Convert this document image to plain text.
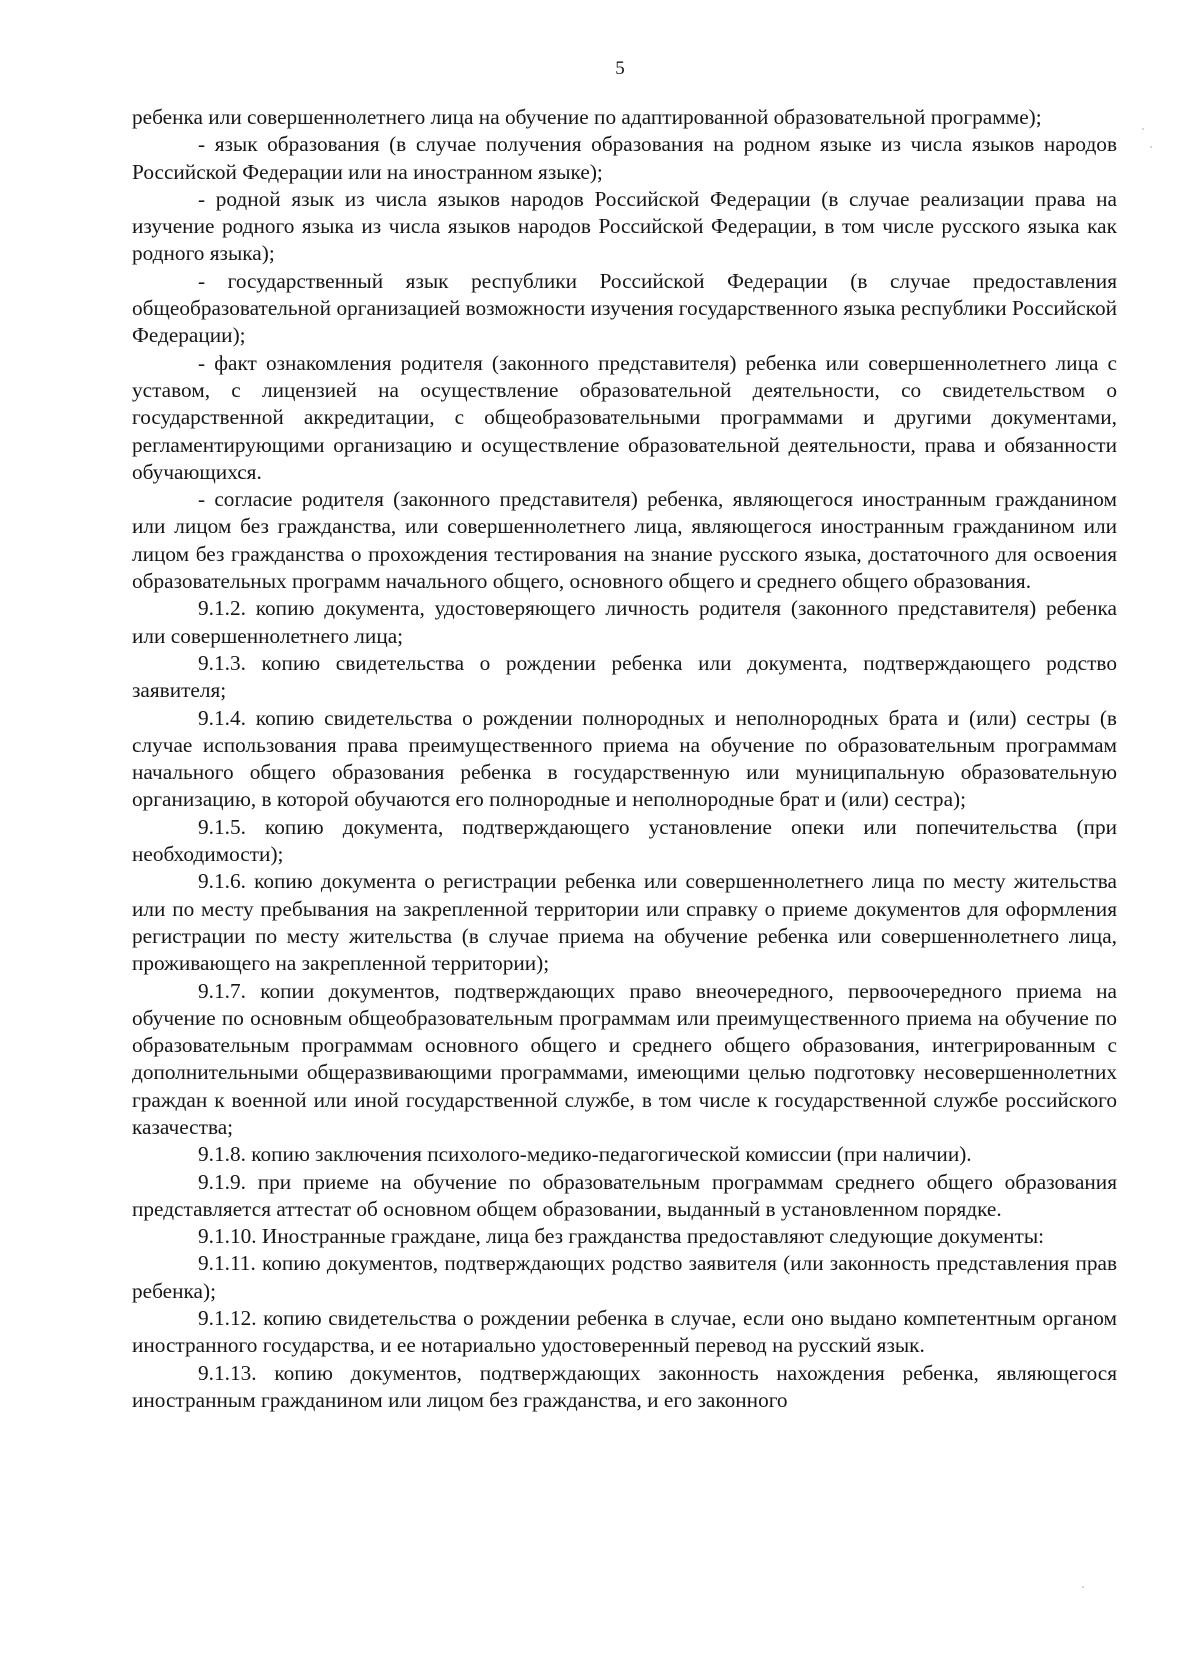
5

ребенка или совершеннолетнего лица на обучение по адаптированной образовательной программе);

- язык образования (в случае получения образования на родном языке из числа языков народов Российской Федерации или на иностранном языке);

- родной язык из числа языков народов Российской Федерации (в случае реализации права на изучение родного языка из числа языков народов Российской Федерации, в том числе русского языка как родного языка);

- государственный язык республики Российской Федерации (в случае предоставления общеобразовательной организацией возможности изучения государственного языка республики Российской Федерации);

- факт ознакомления родителя (законного представителя) ребенка или совершеннолетнего лица с уставом, с лицензией на осуществление образовательной деятельности, со свидетельством о государственной аккредитации, с общеобразовательными программами и другими документами, регламентирующими организацию и осуществление образовательной деятельности, права и обязанности обучающихся.

- согласие родителя (законного представителя) ребенка, являющегося иностранным гражданином или лицом без гражданства, или совершеннолетнего лица, являющегося иностранным гражданином или лицом без гражданства о прохождения тестирования на знание русского языка, достаточного для освоения образовательных программ начального общего, основного общего и среднего общего образования.

9.1.2. копию документа, удостоверяющего личность родителя (законного представителя) ребенка или совершеннолетнего лица;

9.1.3. копию свидетельства о рождении ребенка или документа, подтверждающего родство заявителя;

9.1.4. копию свидетельства о рождении полнородных и неполнородных брата и (или) сестры (в случае использования права преимущественного приема на обучение по образовательным программам начального общего образования ребенка в государственную или муниципальную образовательную организацию, в которой обучаются его полнородные и неполнородные брат и (или) сестра);

9.1.5. копию документа, подтверждающего установление опеки или попечительства (при необходимости);

9.1.6. копию документа о регистрации ребенка или совершеннолетнего лица по месту жительства или по месту пребывания на закрепленной территории или справку о приеме документов для оформления регистрации по месту жительства (в случае приема на обучение ребенка или совершеннолетнего лица, проживающего на закрепленной территории);

9.1.7. копии документов, подтверждающих право внеочередного, первоочередного приема на обучение по основным общеобразовательным программам или преимущественного приема на обучение по образовательным программам основного общего и среднего общего образования, интегрированным с дополнительными общеразвивающими программами, имеющими целью подготовку несовершеннолетних граждан к военной или иной государственной службе, в том числе к государственной службе российского казачества;

9.1.8. копию заключения психолого-медико-педагогической комиссии (при наличии).

9.1.9. при приеме на обучение по образовательным программам среднего общего образования представляется аттестат об основном общем образовании, выданный в установленном порядке.

9.1.10. Иностранные граждане, лица без гражданства предоставляют следующие документы:

9.1.11. копию документов, подтверждающих родство заявителя (или законность представления прав ребенка);

9.1.12. копию свидетельства о рождении ребенка в случае, если оно выдано компетентным органом иностранного государства, и ее нотариально удостоверенный перевод на русский язык.

9.1.13. копию документов, подтверждающих законность нахождения ребенка, являющегося иностранным гражданином или лицом без гражданства, и его законного
